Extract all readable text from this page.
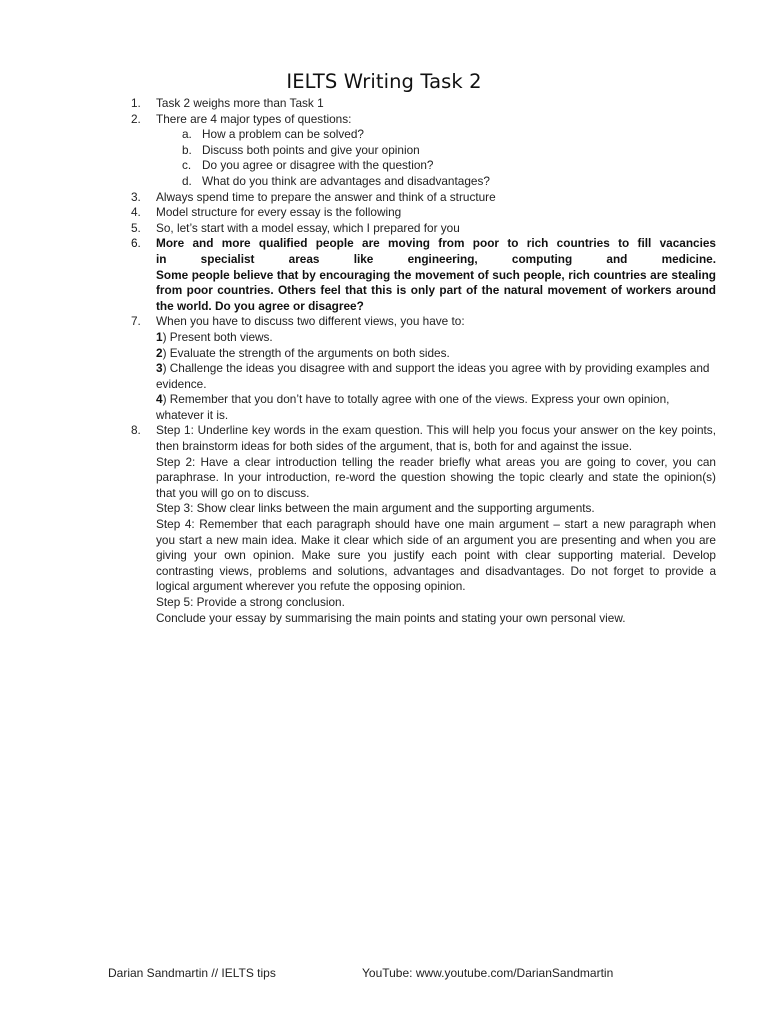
IELTS Writing Task 2
1. Task 2 weighs more than Task 1
2. There are 4 major types of questions:
a. How a problem can be solved?
b. Discuss both points and give your opinion
c. Do you agree or disagree with the question?
d. What do you think are advantages and disadvantages?
3. Always spend time to prepare the answer and think of a structure
4. Model structure for every essay is the following
5. So, let’s start with a model essay, which I prepared for you
6. More and more qualified people are moving from poor to rich countries to fill vacancies
in specialist areas like engineering, computing and medicine.
Some people believe that by encouraging the movement of such people, rich countries are stealing from poor countries. Others feel that this is only part of the natural movement of workers around the world. Do you agree or disagree?
7. When you have to discuss two different views, you have to:
1) Present both views.
2) Evaluate the strength of the arguments on both sides.
3) Challenge the ideas you disagree with and support the ideas you agree with by providing examples and evidence.
4) Remember that you don’t have to totally agree with one of the views. Express your own opinion, whatever it is.
8. Step 1: Underline key words in the exam question. This will help you focus your answer on the key points, then brainstorm ideas for both sides of the argument, that is, both for and against the issue.
Step 2: Have a clear introduction telling the reader briefly what areas you are going to cover, you can paraphrase. In your introduction, re-word the question showing the topic clearly and state the opinion(s) that you will go on to discuss.
Step 3: Show clear links between the main argument and the supporting arguments.
Step 4: Remember that each paragraph should have one main argument – start a new paragraph when you start a new main idea. Make it clear which side of an argument you are presenting and when you are giving your own opinion. Make sure you justify each point with clear supporting material. Develop contrasting views, problems and solutions, advantages and disadvantages. Do not forget to provide a logical argument wherever you refute the opposing opinion.
Step 5: Provide a strong conclusion.
Conclude your essay by summarising the main points and stating your own personal view.
Darian Sandmartin // IELTS tips	YouTube: www.youtube.com/DarianSandmartin
